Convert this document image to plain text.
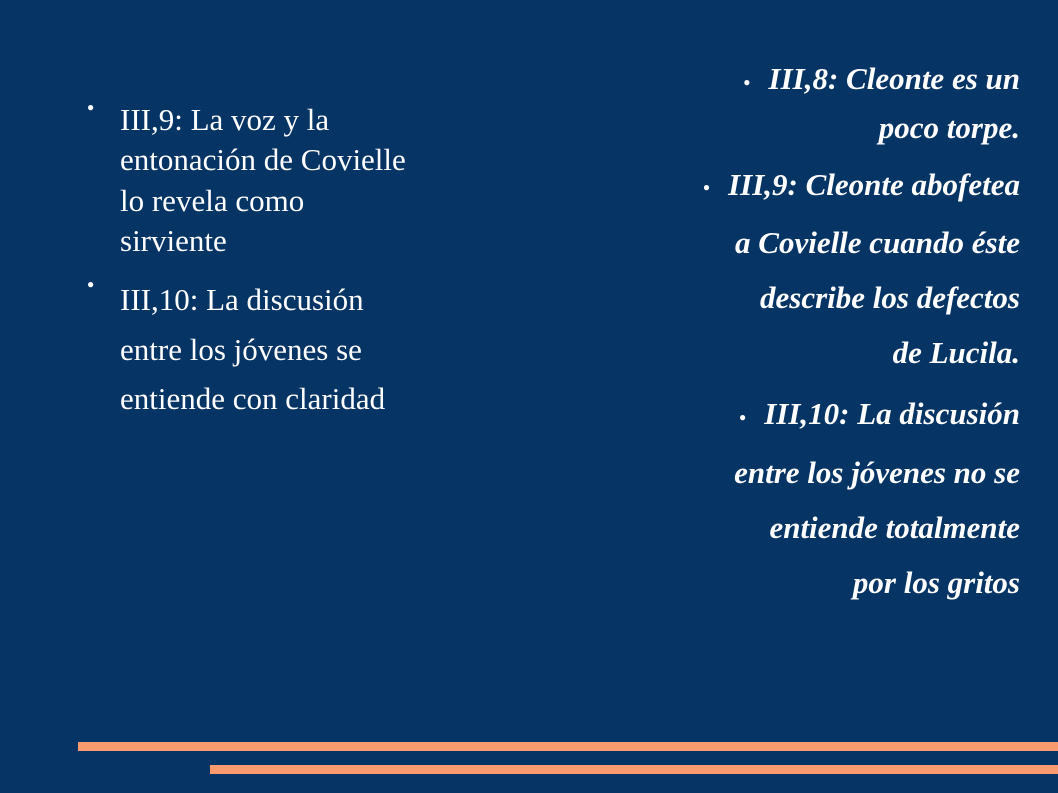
● III,9: La voz y la
entonación de Covielle
lo revela como
sirviente
● III,10: La discusión
entre los jóvenes se
entiende con claridad
● III,8: Cleonte es un
poco torpe.
● III,9: Cleonte abofetea
a Covielle cuando éste
describe los defectos
de Lucila.
● III,10: La discusión
entre los jóvenes no se
entiende totalmente
por los gritos
